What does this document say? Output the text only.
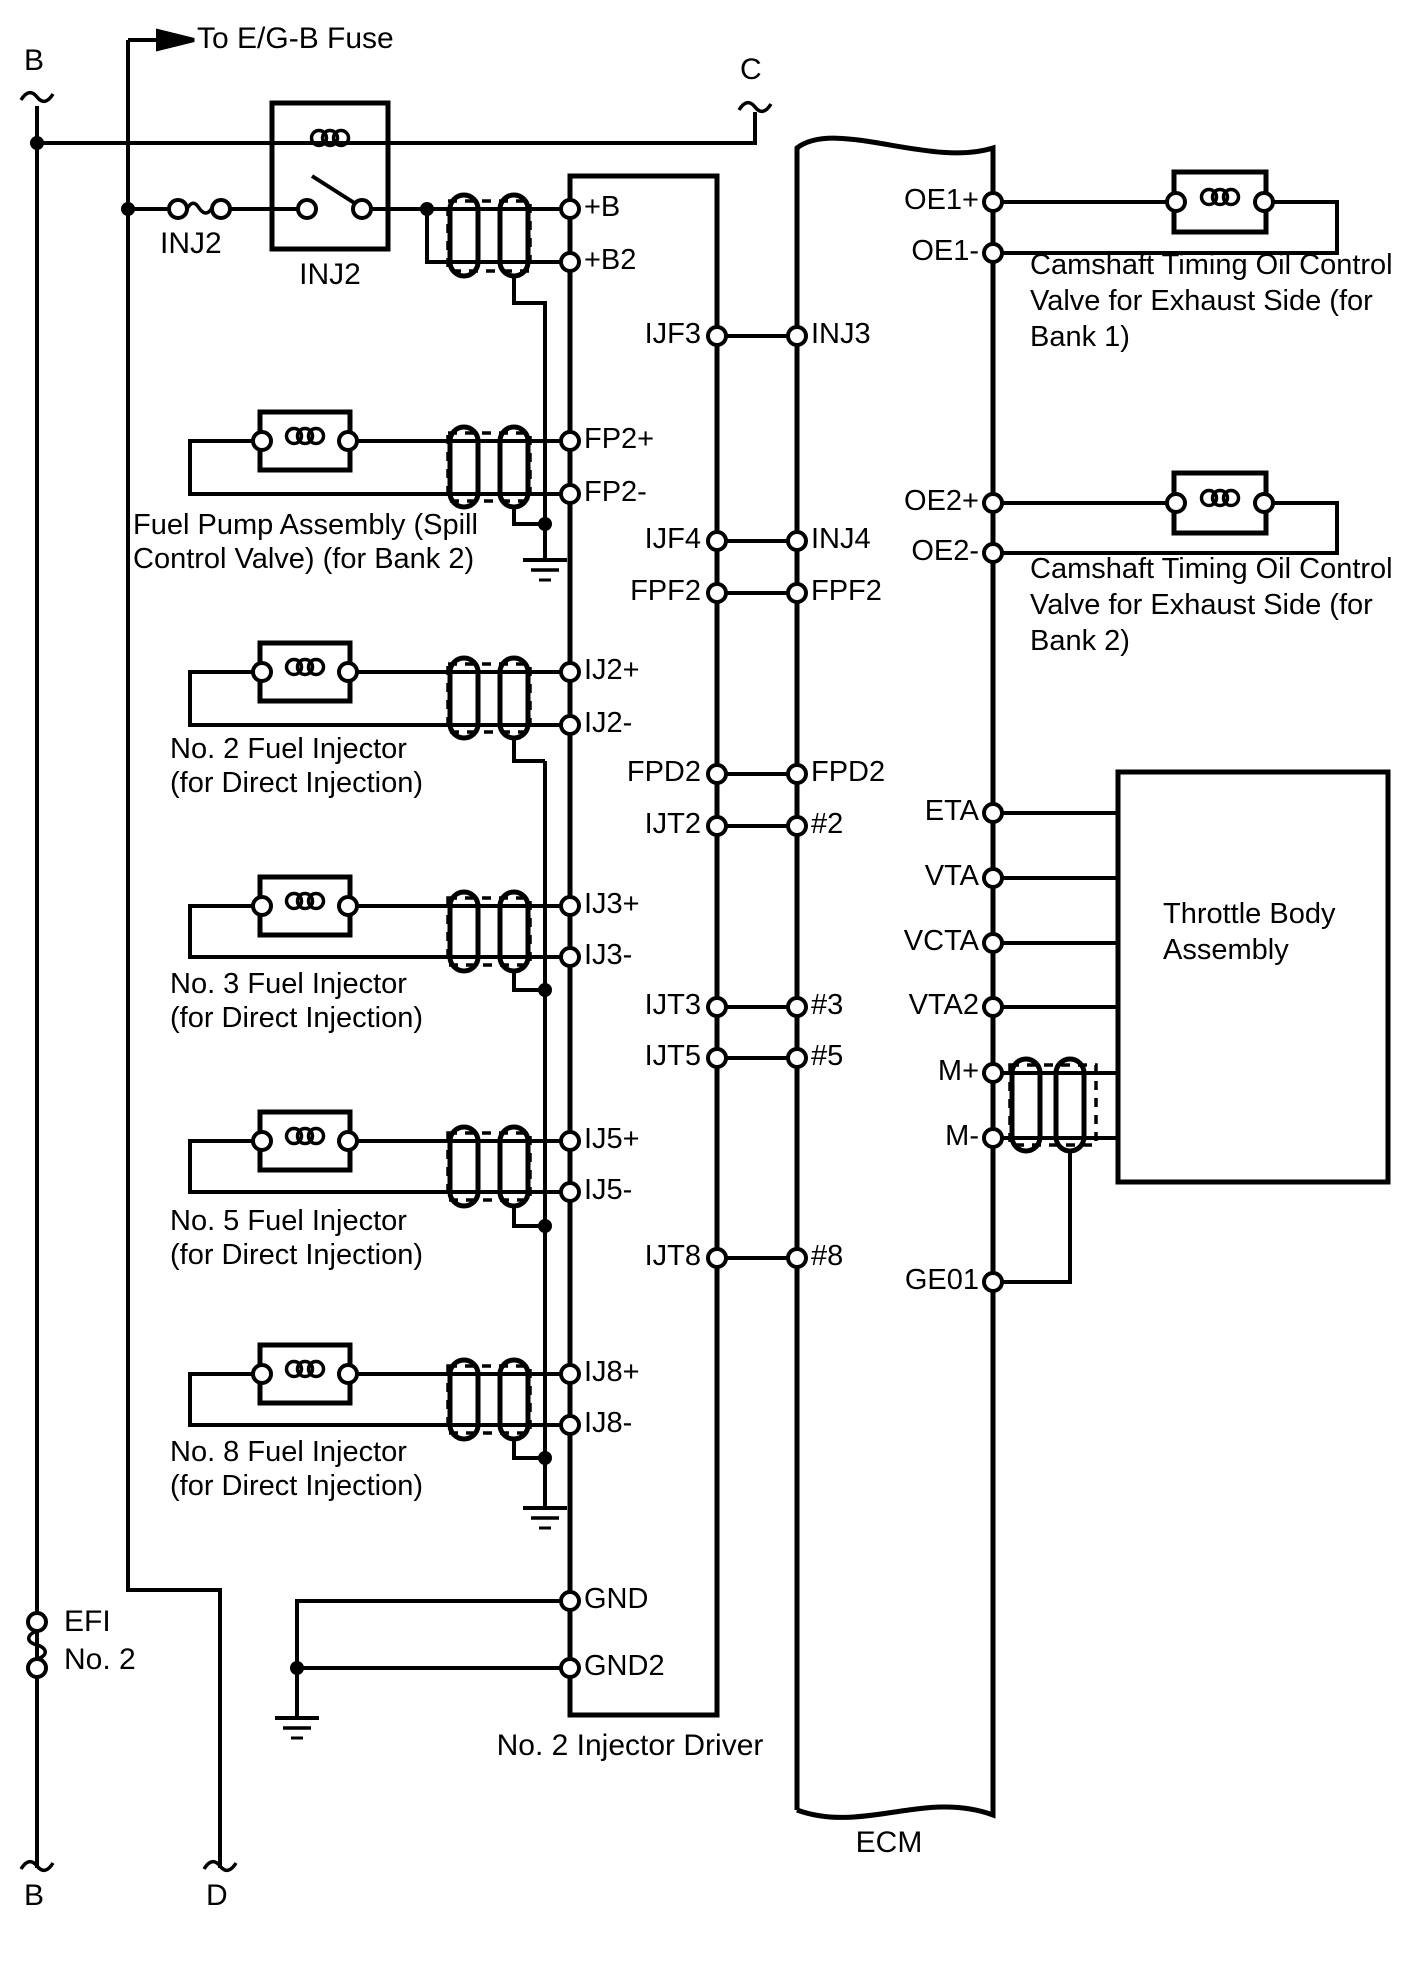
B
To E/G-B Fuse
C
INJ2
INJ2
EFI
No. 2
B	D
No. 2 Injector Driver
ECM
Fuel Pump Assembly (Spill
Control Valve) (for Bank 2)
No. 2 Fuel Injector
(for Direct Injection)
No. 3 Fuel Injector
(for Direct Injection)
No. 5 Fuel Injector
(for Direct Injection)
No. 8 Fuel Injector
(for Direct Injection)
Camshaft Timing Oil Control
Valve for Exhaust Side (for
Bank 1)
Camshaft Timing Oil Control
Valve for Exhaust Side (for
Bank 2)
Throttle Body
Assembly
+B
+B2
FP2+
FP2-
IJ2+
IJ2-
IJ3+
IJ3-
IJ5+
IJ5-
IJ8+
IJ8-
GND
GND2
IJF3
IJF4
FPF2
FPD2
IJT2
IJT3
IJT5
IJT8
INJ3
INJ4
FPF2
FPD2
#2
#3
#5
#8
OE1+
OE1-
OE2+
OE2-
ETA
VTA
VCTA
VTA2
M+
M-
GE01
